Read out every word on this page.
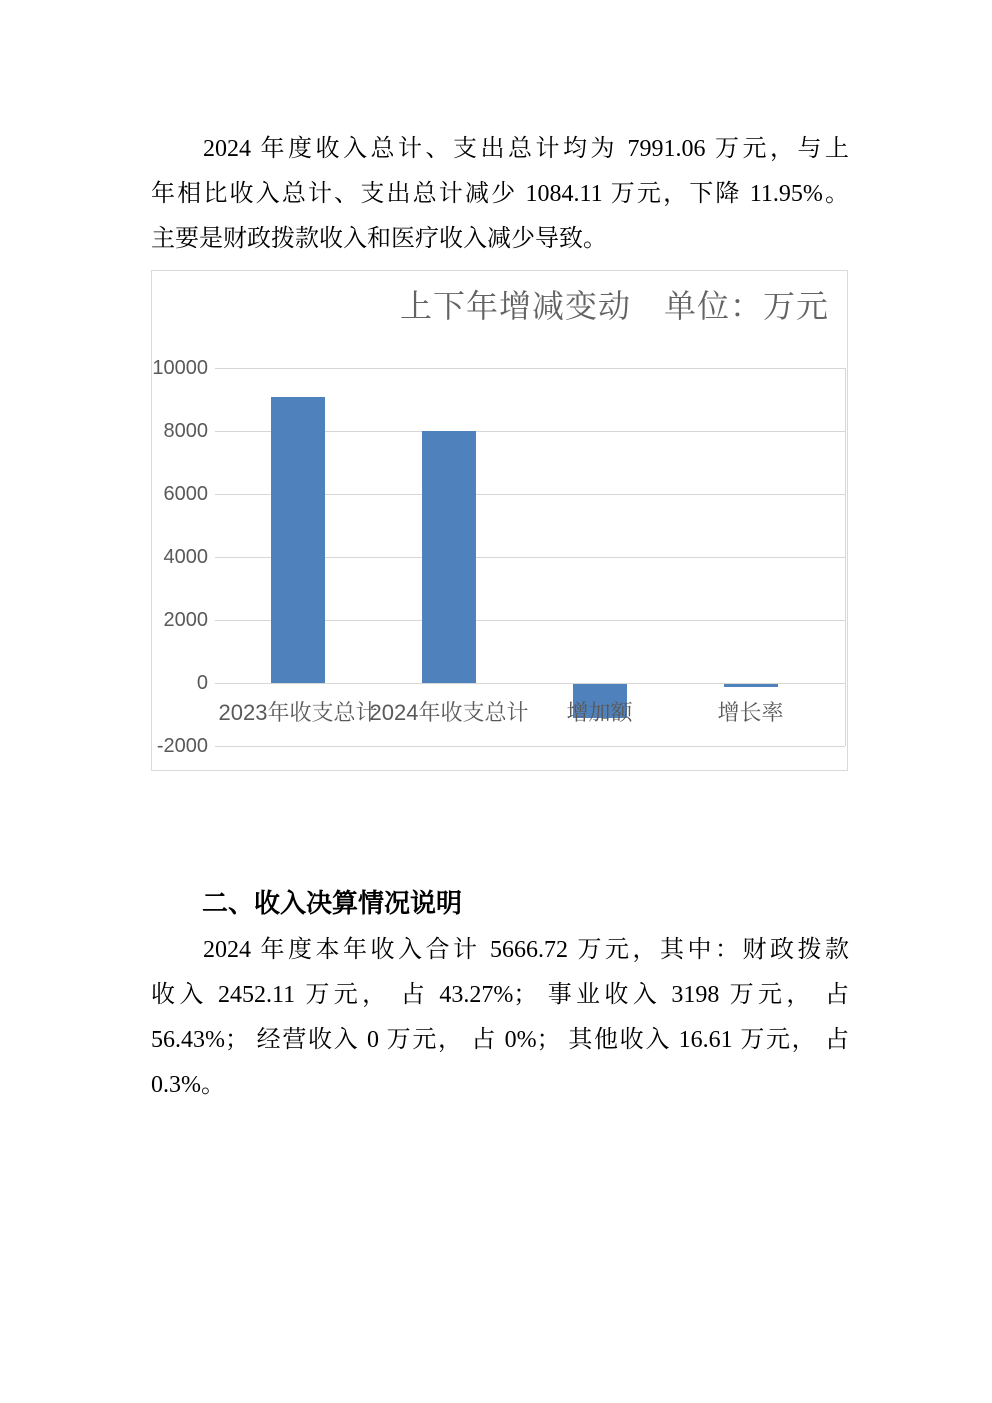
2024 年度收入总计、支出总计均为 7991.06 万元，与上
年相比收入总计、支出总计减少 1084.11 万元，下降 11.95%。
主要是财政拨款收入和医疗收入减少导致。
上下年增减变动　单位：万元
10000
8000
6000
4000
2000
0
-2000
2023年收支总计
2024年收支总计	增加额	增长率
二、收入决算情况说明
2024 年度本年收入合计 5666.72 万元，其中：财政拨款
收入 2452.11 万元， 占 43.27%； 事业收入 3198 万元， 占
56.43%； 经营收入 0 万元， 占 0%； 其他收入 16.61 万元， 占
0.3%。
